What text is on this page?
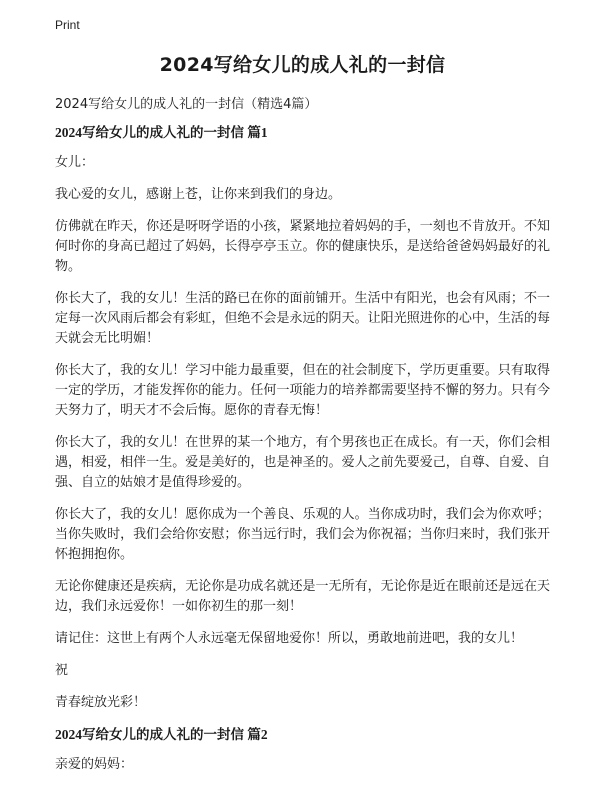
Print
2024写给女儿的成人礼的一封信
2024写给女儿的成人礼的一封信（精选4篇）
2024写给女儿的成人礼的一封信 篇1

女儿：

我心爱的女儿，感谢上苍，让你来到我们的身边。

仿佛就在昨天，你还是呀呀学语的小孩，紧紧地拉着妈妈的手，一刻也不肯放开。不知何时你的身高已超过了妈妈，长得亭亭玉立。你的健康快乐，是送给爸爸妈妈最好的礼物。

你长大了，我的女儿！生活的路已在你的面前铺开。生活中有阳光，也会有风雨；不一定每一次风雨后都会有彩虹，但绝不会是永远的阴天。让阳光照进你的心中，生活的每天就会无比明媚！

你长大了，我的女儿！学习中能力最重要，但在的社会制度下，学历更重要。只有取得一定的学历，才能发挥你的能力。任何一项能力的培养都需要坚持不懈的努力。只有今天努力了，明天才不会后悔。愿你的青春无悔！

你长大了，我的女儿！在世界的某一个地方，有个男孩也正在成长。有一天，你们会相遇，相爱，相伴一生。爱是美好的，也是神圣的。爱人之前先要爱己，自尊、自爱、自强、自立的姑娘才是值得珍爱的。

你长大了，我的女儿！愿你成为一个善良、乐观的人。当你成功时，我们会为你欢呼；当你失败时，我们会给你安慰；你当远行时，我们会为你祝福；当你归来时，我们张开怀抱拥抱你。

无论你健康还是疾病，无论你是功成名就还是一无所有，无论你是近在眼前还是远在天边，我们永远爱你！一如你初生的那一刻！

请记住：这世上有两个人永远毫无保留地爱你！所以，勇敢地前进吧，我的女儿！

祝

青春绽放光彩！

2024写给女儿的成人礼的一封信 篇2

亲爱的妈妈：
